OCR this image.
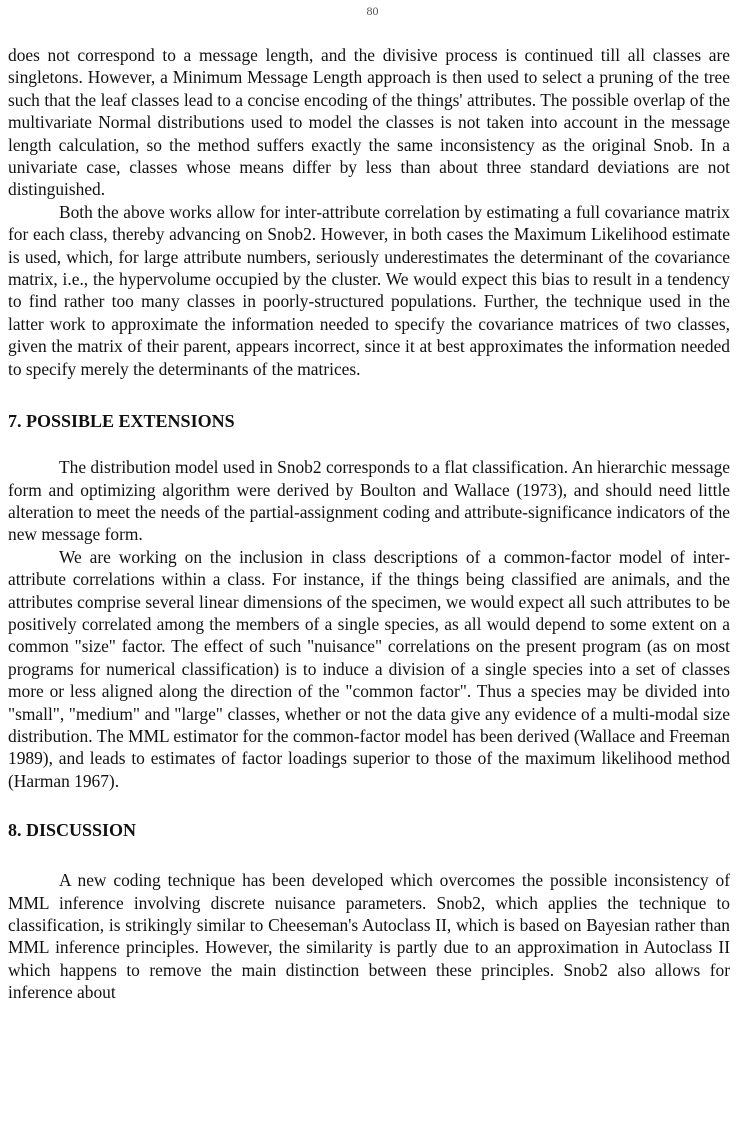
80

does not correspond to a message length, and the divisive process is continued till all classes are singletons. However, a Minimum Message Length approach is then used to select a pruning of the tree such that the leaf classes lead to a concise encoding of the things' attributes. The possible overlap of the multivariate Normal distributions used to model the classes is not taken into account in the message length calculation, so the method suffers exactly the same inconsistency as the original Snob. In a univariate case, classes whose means differ by less than about three standard deviations are not distinguished.

Both the above works allow for inter-attribute correlation by estimating a full covariance matrix for each class, thereby advancing on Snob2. However, in both cases the Maximum Likelihood estimate is used, which, for large attribute numbers, seriously underestimates the determinant of the covariance matrix, i.e., the hypervolume occupied by the cluster. We would expect this bias to result in a tendency to find rather too many classes in poorly-structured populations. Further, the technique used in the latter work to approximate the information needed to specify the covariance matrices of two classes, given the matrix of their parent, appears incorrect, since it at best approximates the information needed to specify merely the determinants of the matrices.

7. POSSIBLE EXTENSIONS

The distribution model used in Snob2 corresponds to a flat classification. An hierarchic message form and optimizing algorithm were derived by Boulton and Wallace (1973), and should need little alteration to meet the needs of the partial-assignment coding and attribute-significance indicators of the new message form.

We are working on the inclusion in class descriptions of a common-factor model of inter-attribute correlations within a class. For instance, if the things being classified are animals, and the attributes comprise several linear dimensions of the specimen, we would expect all such attributes to be positively correlated among the members of a single species, as all would depend to some extent on a common "size" factor. The effect of such "nuisance" correlations on the present program (as on most programs for numerical classification) is to induce a division of a single species into a set of classes more or less aligned along the direction of the "common factor". Thus a species may be divided into "small", "medium" and "large" classes, whether or not the data give any evidence of a multi-modal size distribution. The MML estimator for the common-factor model has been derived (Wallace and Freeman 1989), and leads to estimates of factor loadings superior to those of the maximum likelihood method (Harman 1967).

8. DISCUSSION

A new coding technique has been developed which overcomes the possible inconsistency of MML inference involving discrete nuisance parameters. Snob2, which applies the technique to classification, is strikingly similar to Cheeseman's Autoclass II, which is based on Bayesian rather than MML inference principles. However, the similarity is partly due to an approximation in Autoclass II which happens to remove the main distinction between these principles. Snob2 also allows for inference about
